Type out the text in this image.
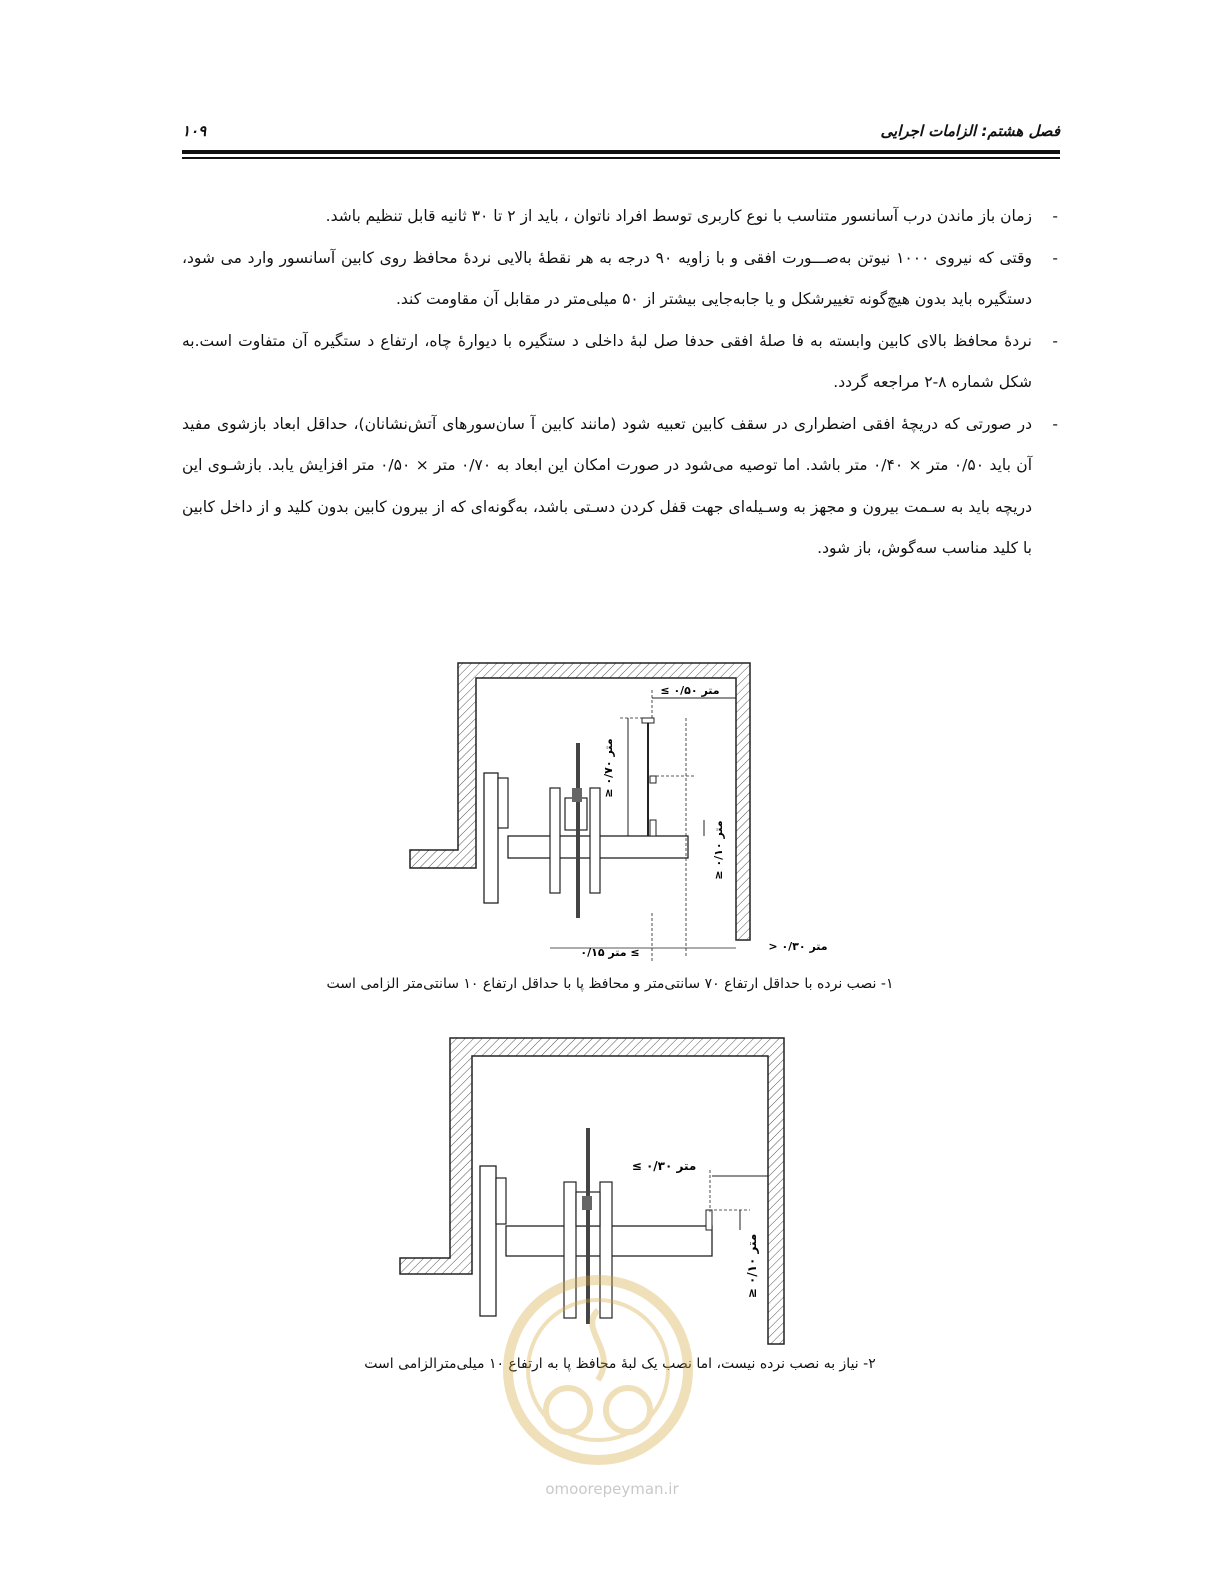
فصل هشتم: الزامات اجرایی
۱۰۹
-
زمان باز ماندن درب آسانسور متناسب با نوع کاربری توسط افراد ناتوان ، باید از ۲ تا ۳۰ ثانیه قابل تنظیم باشد.
-
وقتی که نیروی ۱۰۰۰ نیوتن به‌صـــورت افقی و با زاویه ۹۰ درجه به هر نقطهٔ بالایی نردهٔ محافظ روی کابین آسانسور وارد می شود، دستگیره باید بدون هیچ‌گونه تغییرشکل و یا جابه‌جایی بیشتر از ۵۰ میلی‌متر در مقابل آن مقاومت کند.
-
نردهٔ محافظ بالای کابین وابسته به فا صلهٔ افقی حدفا صل لبهٔ داخلی د ستگیره با دیوارهٔ چاه، ارتفاع د ستگیره آن متفاوت است.به شکل شماره ۸-۲ مراجعه گردد.
-
در صورتی که دریچهٔ افقی اضطراری در سقف کابین تعبیه شود (مانند کابین آ سان‌سورهای آتش‌نشانان)، حداقل ابعاد بازشوی مفید آن باید ۰/۵۰ متر × ۰/۴۰ متر باشد. اما توصیه می‌شود در صورت امکان این ابعاد به ۰/۷۰ متر × ۰/۵۰ متر افزایش یابد. بازشـوی این دریچه باید به سـمت بیرون و مجهز به وسـیله‌ای جهت قفل کردن دسـتی باشد، به‌گونه‌ای که از بیرون کابین بدون کلید و از داخل کابین با کلید مناسب سه‌گوش، باز شود.
متر ۰/۵۰ ≥
متر ۰/۷۰ ≤
متر ۰/۱۰ ≤
≥ متر ۰/۱۵	متر ۰/۳۰ <
۱- نصب نرده با حداقل ارتفاع ۷۰ سانتی‌متر و محافظ پا با حداقل ارتفاع ۱۰ سانتی‌متر الزامی است
متر ۰/۳۰ ≥
متر ۰/۱۰ ≤
۲- نیاز به نصب نرده نیست، اما نصب یک لبهٔ محافظ پا به ارتفاع ۱۰ میلی‌مترالزامی است
omoorepeyman.ir
